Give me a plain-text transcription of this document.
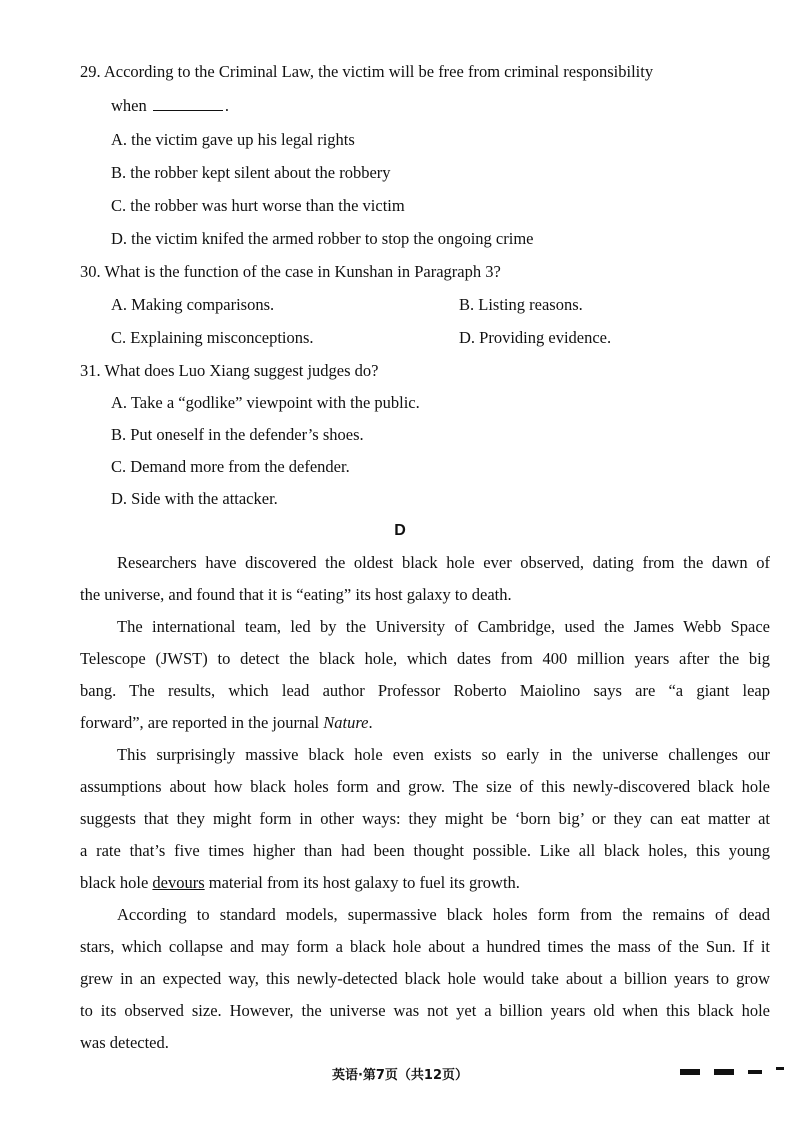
29. According to the Criminal Law, the victim will be free from criminal responsibility
when	.
A. the victim gave up his legal rights
B. the robber kept silent about the robbery
C. the robber was hurt worse than the victim
D. the victim knifed the armed robber to stop the ongoing crime
30. What is the function of the case in Kunshan in Paragraph 3?
A. Making comparisons.	B. Listing reasons.
C. Explaining misconceptions.	D. Providing evidence.
31. What does Luo Xiang suggest judges do?
A. Take a “godlike” viewpoint with the public.
B. Put oneself in the defender’s shoes.
C. Demand more from the defender.
D. Side with the attacker.
D
Researchers have discovered the oldest black hole ever observed, dating from the dawn of
the universe, and found that it is “eating” its host galaxy to death.
The international team, led by the University of Cambridge, used the James Webb Space
Telescope (JWST) to detect the black hole, which dates from 400 million years after the big
bang. The results, which lead author Professor Roberto Maiolino says are “a giant leap
forward”, are reported in the journal Nature.
This surprisingly massive black hole even exists so early in the universe challenges our
assumptions about how black holes form and grow. The size of this newly-discovered black hole
suggests that they might form in other ways: they might be ‘born big’ or they can eat matter at
a rate that’s five times higher than had been thought possible. Like all black holes, this young
black hole devours material from its host galaxy to fuel its growth.
According to standard models, supermassive black holes form from the remains of dead
stars, which collapse and may form a black hole about a hundred times the mass of the Sun. If it
grew in an expected way, this newly-detected black hole would take about a billion years to grow
to its observed size. However, the universe was not yet a billion years old when this black hole
was detected.
英语·第7页（共12页）
